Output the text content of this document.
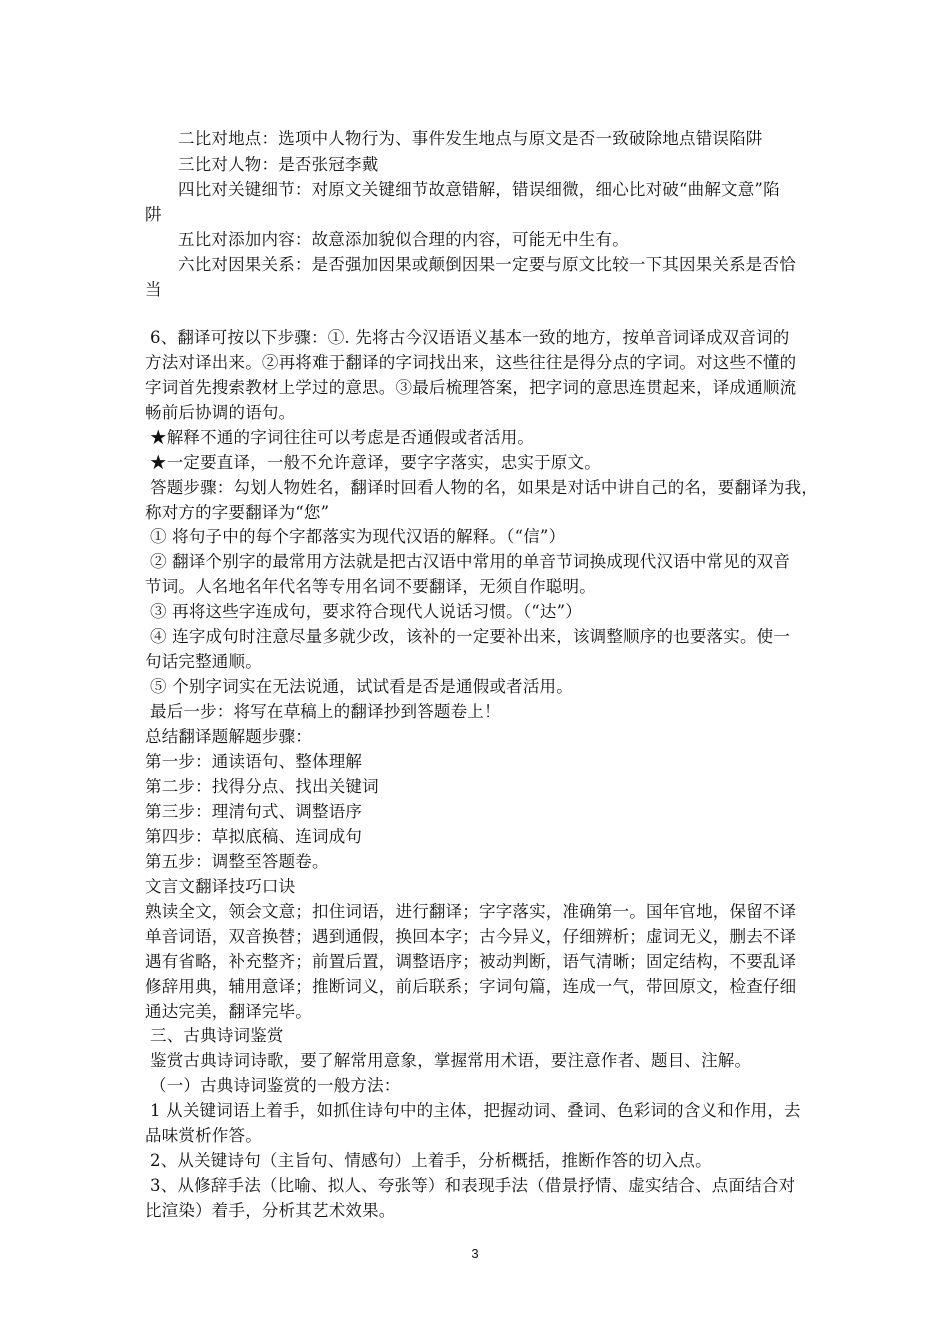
二比对地点：选项中人物行为、事件发生地点与原文是否一致破除地点错误陷阱
三比对人物：是否张冠李戴
四比对关键细节：对原文关键细节故意错解，错误细微，细心比对破“曲解文意”陷
阱
五比对添加内容：故意添加貌似合理的内容，可能无中生有。
六比对因果关系：是否强加因果或颠倒因果一定要与原文比较一下其因果关系是否恰
当
6、翻译可按以下步骤：①. 先将古今汉语语义基本一致的地方，按单音词译成双音词的
方法对译出来。②再将难于翻译的字词找出来，这些往往是得分点的字词。对这些不懂的
字词首先搜索教材上学过的意思。③最后梳理答案，把字词的意思连贯起来，译成通顺流
畅前后协调的语句。
★解释不通的字词往往可以考虑是否通假或者活用。
★一定要直译，一般不允许意译，要字字落实，忠实于原文。
答题步骤：勾划人物姓名，翻译时回看人物的名，如果是对话中讲自己的名，要翻译为我，
称对方的字要翻译为“您”
① 将句子中的每个字都落实为现代汉语的解释。（“信”）
② 翻译个别字的最常用方法就是把古汉语中常用的单音节词换成现代汉语中常见的双音
节词。人名地名年代名等专用名词不要翻译，无须自作聪明。
③ 再将这些字连成句，要求符合现代人说话习惯。（“达”）
④ 连字成句时注意尽量多就少改，该补的一定要补出来，该调整顺序的也要落实。使一
句话完整通顺。
⑤ 个别字词实在无法说通，试试看是否是通假或者活用。
最后一步：将写在草稿上的翻译抄到答题卷上！
总结翻译题解题步骤：
第一步：通读语句、整体理解
第二步：找得分点、找出关键词
第三步：理清句式、调整语序
第四步：草拟底稿、连词成句
第五步：调整至答题卷。
文言文翻译技巧口诀
熟读全文，领会文意；扣住词语，进行翻译；字字落实，准确第一。国年官地，保留不译
单音词语，双音换替；遇到通假，换回本字；古今异义，仔细辨析；虚词无义，删去不译
遇有省略，补充整齐；前置后置，调整语序；被动判断，语气清晰；固定结构，不要乱译
修辞用典，辅用意译；推断词义，前后联系；字词句篇，连成一气，带回原文，检查仔细
通达完美，翻译完毕。
三、古典诗词鉴赏
鉴赏古典诗词诗歌，要了解常用意象，掌握常用术语，要注意作者、题目、注解。
（一）古典诗词鉴赏的一般方法：
1 从关键词语上着手，如抓住诗句中的主体，把握动词、叠词、色彩词的含义和作用，去
品味赏析作答。
2、从关键诗句（主旨句、情感句）上着手，分析概括，推断作答的切入点。
3、从修辞手法（比喻、拟人、夸张等）和表现手法（借景抒情、虚实结合、点面结合对
比渲染）着手，分析其艺术效果。
3
